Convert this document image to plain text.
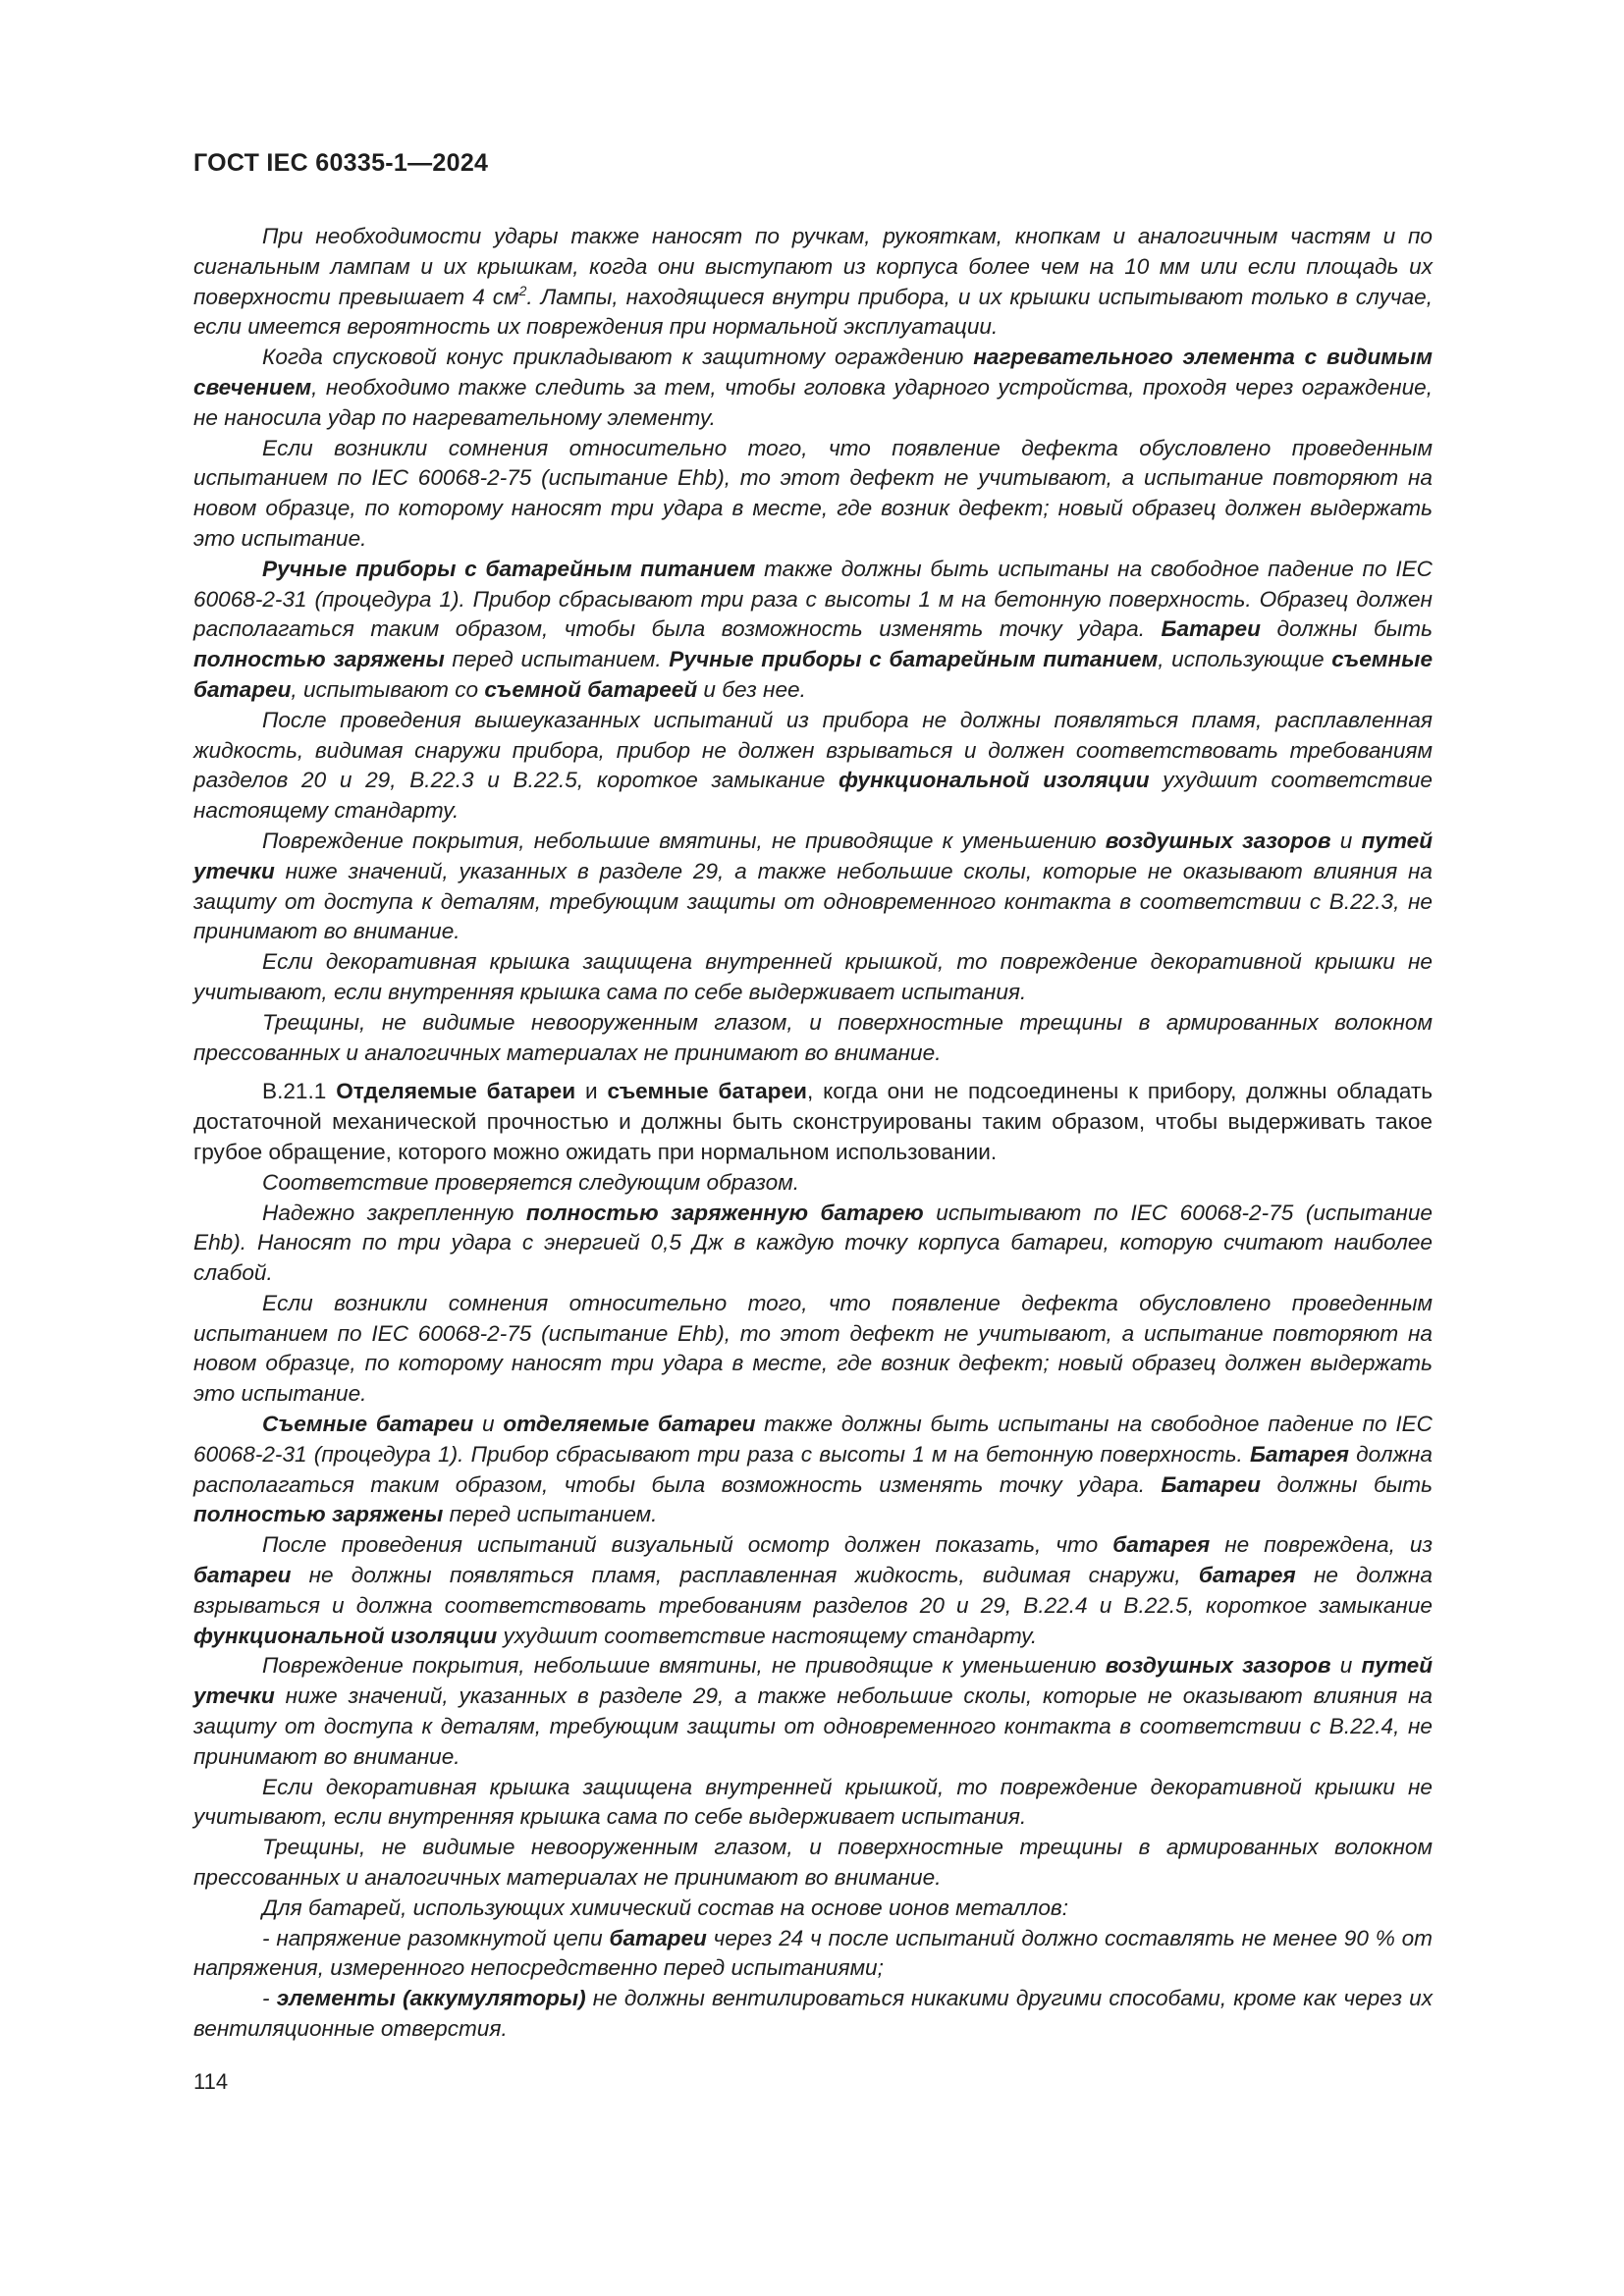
ГОСТ IEC 60335-1—2024

При необходимости удары также наносят по ручкам, рукояткам, кнопкам и аналогичным частям и по сигнальным лампам и их крышкам, когда они выступают из корпуса более чем на 10 мм или если площадь их поверхности превышает 4 $см^2$. Лампы, находящиеся внутри прибора, и их крышки испытывают только в случае, если имеется вероятность их повреждения при нормальной эксплуатации.

Когда спусковой конус прикладывают к защитному ограждению нагревательного элемента с видимым свечением, необходимо также следить за тем, чтобы головка ударного устройства, проходя через ограждение, не наносила удар по нагревательному элементу.

Если возникли сомнения относительно того, что появление дефекта обусловлено проведенным испытанием по IEC 60068-2-75 (испытание Ehb), то этот дефект не учитывают, а испытание повторяют на новом образце, по которому наносят три удара в месте, где возник дефект; новый образец должен выдержать это испытание.

Ручные приборы с батарейным питанием также должны быть испытаны на свободное падение по IEC 60068-2-31 (процедура 1). Прибор сбрасывают три раза с высоты 1 м на бетонную поверхность. Образец должен располагаться таким образом, чтобы была возможность изменять точку удара. Батареи должны быть полностью заряжены перед испытанием. Ручные приборы с батарейным питанием, использующие съемные батареи, испытывают со съемной батареей и без нее.

После проведения вышеуказанных испытаний из прибора не должны появляться пламя, расплавленная жидкость, видимая снаружи прибора, прибор не должен взрываться и должен соответствовать требованиям разделов 20 и 29, B.22.3 и B.22.5, короткое замыкание функциональной изоляции ухудшит соответствие настоящему стандарту.

Повреждение покрытия, небольшие вмятины, не приводящие к уменьшению воздушных зазоров и путей утечки ниже значений, указанных в разделе 29, а также небольшие сколы, которые не оказывают влияния на защиту от доступа к деталям, требующим защиты от одновременного контакта в соответствии с B.22.3, не принимают во внимание.

Если декоративная крышка защищена внутренней крышкой, то повреждение декоративной крышки не учитывают, если внутренняя крышка сама по себе выдерживает испытания.

Трещины, не видимые невооруженным глазом, и поверхностные трещины в армированных волокном прессованных и аналогичных материалах не принимают во внимание.

B.21.1 Отделяемые батареи и съемные батареи, когда они не подсоединены к прибору, должны обладать достаточной механической прочностью и должны быть сконструированы таким образом, чтобы выдерживать такое грубое обращение, которого можно ожидать при нормальном использовании.

Соответствие проверяется следующим образом.

Надежно закрепленную полностью заряженную батарею испытывают по IEC 60068-2-75 (испытание Ehb). Наносят по три удара с энергией 0,5 Дж в каждую точку корпуса батареи, которую считают наиболее слабой.

Если возникли сомнения относительно того, что появление дефекта обусловлено проведенным испытанием по IEC 60068-2-75 (испытание Ehb), то этот дефект не учитывают, а испытание повторяют на новом образце, по которому наносят три удара в месте, где возник дефект; новый образец должен выдержать это испытание.

Съемные батареи и отделяемые батареи также должны быть испытаны на свободное падение по IEC 60068-2-31 (процедура 1). Прибор сбрасывают три раза с высоты 1 м на бетонную поверхность. Батарея должна располагаться таким образом, чтобы была возможность изменять точку удара. Батареи должны быть полностью заряжены перед испытанием.

После проведения испытаний визуальный осмотр должен показать, что батарея не повреждена, из батареи не должны появляться пламя, расплавленная жидкость, видимая снаружи, батарея не должна взрываться и должна соответствовать требованиям разделов 20 и 29, B.22.4 и B.22.5, короткое замыкание функциональной изоляции ухудшит соответствие настоящему стандарту.

Повреждение покрытия, небольшие вмятины, не приводящие к уменьшению воздушных зазоров и путей утечки ниже значений, указанных в разделе 29, а также небольшие сколы, которые не оказывают влияния на защиту от доступа к деталям, требующим защиты от одновременного контакта в соответствии с B.22.4, не принимают во внимание.

Если декоративная крышка защищена внутренней крышкой, то повреждение декоративной крышки не учитывают, если внутренняя крышка сама по себе выдерживает испытания.

Трещины, не видимые невооруженным глазом, и поверхностные трещины в армированных волокном прессованных и аналогичных материалах не принимают во внимание.

Для батарей, использующих химический состав на основе ионов металлов:

- напряжение разомкнутой цепи батареи через 24 ч после испытаний должно составлять не менее 90 % от напряжения, измеренного непосредственно перед испытаниями;

- элементы (аккумуляторы) не должны вентилироваться никакими другими способами, кроме как через их вентиляционные отверстия.

114
